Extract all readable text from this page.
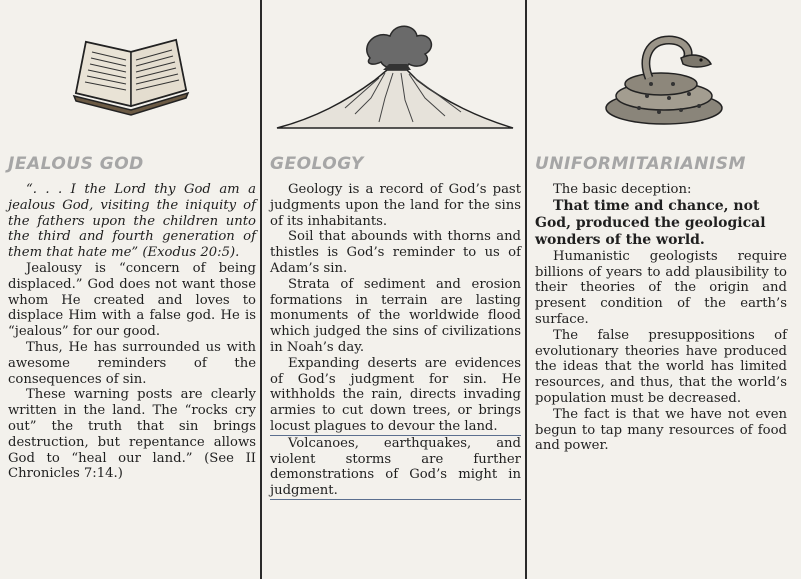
JEALOUS GOD

“. . . I the Lord thy God am a jealous God, visiting the iniquity of the fathers upon the children unto the third and fourth generation of them that hate me” (Exodus 20:5).

Jealousy is “concern of being displaced.” God does not want those whom He created and loves to displace Him with a false god. He is “jealous” for our good.

Thus, He has surrounded us with awesome reminders of the consequences of sin.

These warning posts are clearly written in the land. The “rocks cry out” the truth that sin brings destruction, but repentance allows God to “heal our land.” (See II Chronicles 7:14.)

GEOLOGY

Geology is a record of God’s past judgments upon the land for the sins of its inhabitants.

Soil that abounds with thorns and thistles is God’s reminder to us of Adam’s sin.

Strata of sediment and erosion formations in terrain are lasting monuments of the worldwide flood which judged the sins of civilizations in Noah’s day.

Expanding deserts are evidences of God’s judgment for sin. He withholds the rain, directs invading armies to cut down trees, or brings locust plagues to devour the land.

Volcanoes, earthquakes, and violent storms are further demonstrations of God’s might in judgment.

UNIFORMITARIANISM

The basic deception:

That time and chance, not God, produced the geological wonders of the world.

Humanistic geologists require billions of years to add plausibility to their theories of the origin and present condition of the earth’s surface.

The false presuppositions of evolutionary theories have produced the ideas that the world has limited resources, and thus, that the world’s population must be decreased.

The fact is that we have not even begun to tap many resources of food and power.
